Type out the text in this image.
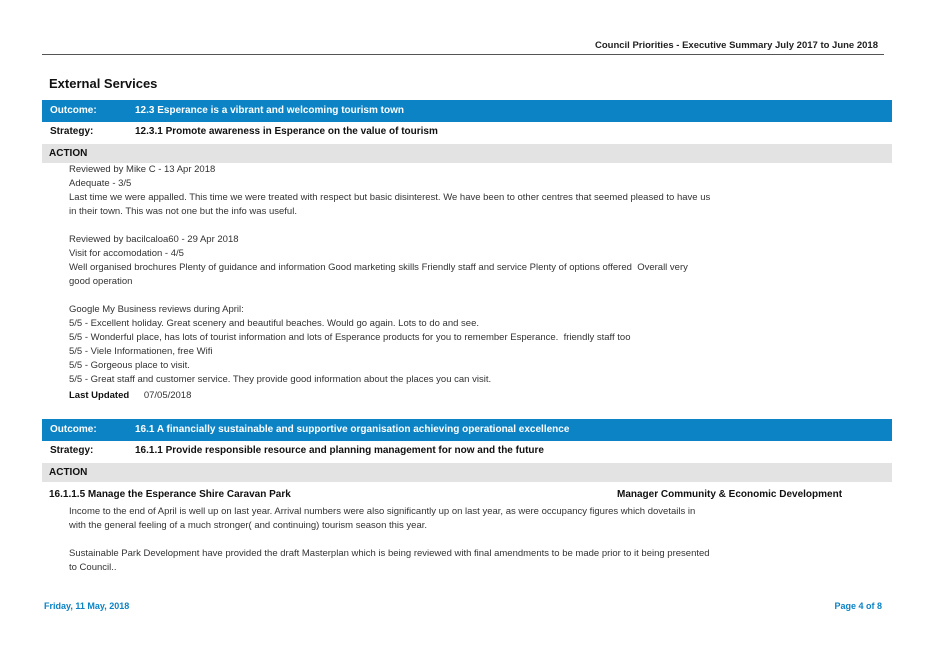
Council Priorities - Executive Summary July 2017 to June 2018
External Services
Outcome:	12.3 Esperance is a vibrant and welcoming tourism town
Strategy:	12.3.1 Promote awareness in Esperance on the value of tourism
ACTION
Reviewed by Mike C - 13 Apr 2018
Adequate - 3/5
Last time we were appalled. This time we were treated with respect but basic disinterest. We have been to other centres that seemed pleased to have us
in their town. This was not one but the info was useful.
Reviewed by bacilcaloa60 - 29 Apr 2018
Visit for accomodation - 4/5
Well organised brochures Plenty of guidance and information Good marketing skills Friendly staff and service Plenty of options offered  Overall very
good operation
Google My Business reviews during April:
5/5 - Excellent holiday. Great scenery and beautiful beaches. Would go again. Lots to do and see.
5/5 - Wonderful place, has lots of tourist information and lots of Esperance products for you to remember Esperance.  friendly staff too
5/5 - Viele Informationen, free Wifi
5/5 - Gorgeous place to visit.
5/5 - Great staff and customer service. They provide good information about the places you can visit.
Last Updated 07/05/2018
Outcome:	16.1 A financially sustainable and supportive organisation achieving operational excellence
Strategy:	16.1.1 Provide responsible resource and planning management for now and the future
ACTION
16.1.1.5 Manage the Esperance Shire Caravan Park	Manager Community & Economic Development
Income to the end of April is well up on last year. Arrival numbers were also significantly up on last year, as were occupancy figures which dovetails in
with the general feeling of a much stronger( and continuing) tourism season this year.
Sustainable Park Development have provided the draft Masterplan which is being reviewed with final amendments to be made prior to it being presented
to Council..
Friday, 11 May, 2018	Page 4 of 8
